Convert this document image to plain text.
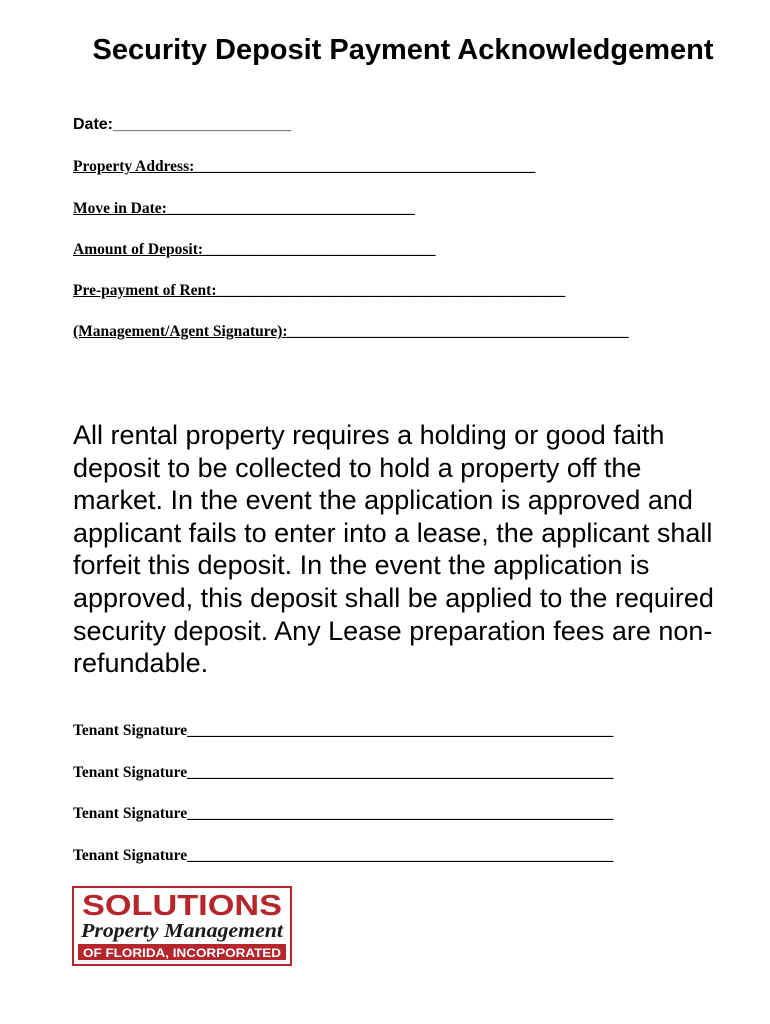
Security Deposit Payment Acknowledgement
Date:____________________
Property Address:____________________________________________
Move in Date:________________________________
Amount of Deposit:______________________________
Pre-payment of Rent:_____________________________________________
(Management/Agent Signature):____________________________________________
All rental property requires a holding or good faith deposit to be collected to hold a property off the market. In the event the application is approved and applicant fails to enter into a lease, the applicant shall forfeit this deposit. In the event the application is approved, this deposit shall be applied to the required security deposit. Any Lease preparation fees are non-refundable.
Tenant Signature_______________________________________________________
Tenant Signature_______________________________________________________
Tenant Signature_______________________________________________________
Tenant Signature_______________________________________________________
SOLUTIONS
Property Management
OF FLORIDA, INCORPORATED
